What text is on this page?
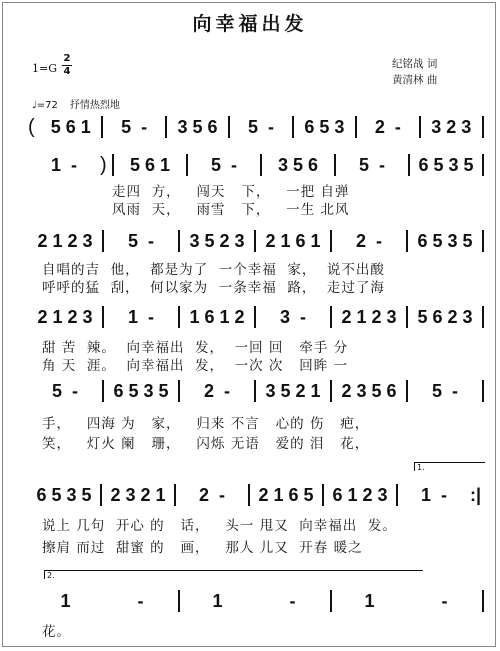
向幸福出发
1=G
2
4
纪铭战 词
黄清林 曲
♩=72 抒情热烈地
( 5 6 1	5  -	3 5 6	5  -	6 5 3	2  -	3 2 3
1  -	)	5 6 1	5  -	3 5 6	5  -	6 5 3 5
走四  方，   闯天   下，   一把 自弹
风雨  天，   雨雪   下，   一生 北风
2 1 2 3	5  -	3 5 2 3	2 1 6 1	2  -	6 5 3 5
自唱的吉  他，  都是为了  一个幸福  家，  说不出酸
呼呼的猛  刮，  何以家为  一条幸福  路，  走过了海
2 1 2 3	1  -	1 6 1 2	3  -	2 1 2 3	5 6 2 3
甜 苦  辣。  向幸福出  发，  一回 回   牵手 分
角 天  涯。  向幸福出  发，  一次 次   回眸 一
5  -	6 5 3 5	2  -	3 5 2 1	2 3 5 6	5  -
手，   四海 为   家，   归来 不言   心的 伤   疤，
笑，   灯火 阑   珊，   闪烁 无语   爱的 泪   花，
1.
6 5 3 5	2 3 2 1	2  -	2 1 6 5	6 1 2 3	1  -	:|
说上 几句  开心 的   话，   头一 甩又  向幸福出  发。
擦肩 而过  甜蜜 的   画，   那人 儿又  开春 暖之
2.
1	-	1	-	1	-
花。
